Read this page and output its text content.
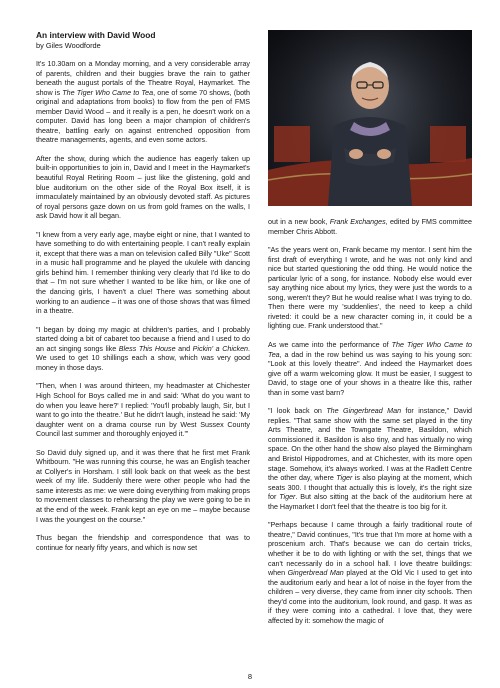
An interview with David Wood
by Giles Woodforde

It's 10.30am on a Monday morning, and a very considerable array of parents, children and their buggies brave the rain to gather beneath the august portals of the Theatre Royal, Haymarket. The show is The Tiger Who Came to Tea, one of some 70 shows, (both original and adaptations from books) to flow from the pen of FMS member David Wood – and it really is a pen, he doesn't work on a computer. David has long been a major champion of children's theatre, battling early on against entrenched opposition from theatre managements, agents, and even some actors.

After the show, during which the audience has eagerly taken up built-in opportunities to join in, David and I meet in the Haymarket's beautiful Royal Retiring Room – just like the glistening, gold and blue auditorium on the other side of the Royal Box itself, it is immaculately maintained by an obviously devoted staff. As pictures of royal persons gaze down on us from gold frames on the walls, I ask David how it all began.

"I knew from a very early age, maybe eight or nine, that I wanted to have something to do with entertaining people. I can't really explain it, except that there was a man on television called Billy "Uke" Scott in a music hall programme and he played the ukulele with dancing girls behind him. I remember thinking very clearly that I'd like to do that – I'm not sure whether I wanted to be like him, or like one of the dancing girls, I haven't a clue! There was something about working to an audience – it was one of those shows that was filmed in a theatre.

"I began by doing my magic at children's parties, and I probably started doing a bit of cabaret too because a friend and I used to do an act singing songs like Bless This House and Pickin' a Chicken. We used to get 10 shillings each a show, which was very good money in those days.

"Then, when I was around thirteen, my headmaster at Chichester High School for Boys called me in and said: 'What do you want to do when you leave here?' I replied: 'You'll probably laugh, Sir, but I want to go into the theatre.' But he didn't laugh, instead he said: 'My daughter went on a drama course run by West Sussex County Council last summer and thoroughly enjoyed it.'"

So David duly signed up, and it was there that he first met Frank Whitbourn. "He was running this course, he was an English teacher at Collyer's in Horsham. I still look back on that week as the best week of my life. Suddenly there were other people who had the same interests as me: we were doing everything from making props to movement classes to rehearsing the play we were going to be in at the end of the week. Frank kept an eye on me – maybe because I was the youngest on the course."

Thus began the friendship and correspondence that was to continue for nearly fifty years, and which is now set

out in a new book, Frank Exchanges, edited by FMS committee member Chris Abbott.

"As the years went on, Frank became my mentor. I sent him the first draft of everything I wrote, and he was not only kind and nice but started questioning the odd thing. He would notice the particular lyric of a song, for instance. Nobody else would ever say anything nice about my lyrics, they were just the words to a song, weren't they? But he would realise what I was trying to do. Then there were my 'suddenlies', the need to keep a child riveted: it could be a new character coming in, it could be a lighting cue. Frank understood that."

As we came into the performance of The Tiger Who Came to Tea, a dad in the row behind us was saying to his young son: "Look at this lovely theatre". And indeed the Haymarket does give off a warm welcoming glow. It must be easier, I suggest to David, to stage one of your shows in a theatre like this, rather than in some vast barn?

"I look back on The Gingerbread Man for instance," David replies. "That same show with the same set played in the tiny Arts Theatre, and the Towngate Theatre, Basildon, which commissioned it. Basildon is also tiny, and has virtually no wing space. On the other hand the show also played the Birmingham and Bristol Hippodromes, and at Chichester, with its more open stage. Somehow, it's always worked. I was at the Radlett Centre the other day, where Tiger is also playing at the moment, which seats 300. I thought that actually this is lovely, it's the right size for Tiger. But also sitting at the back of the auditorium here at the Haymarket I don't feel that the theatre is too big for it.

"Perhaps because I came through a fairly traditional route of theatre," David continues, "It's true that I'm more at home with a proscenium arch. That's because we can do certain tricks, whether it be to do with lighting or with the set, things that we can't necessarily do in a school hall. I love theatre buildings: when Gingerbread Man played at the Old Vic I used to get into the auditorium early and hear a lot of noise in the foyer from the children – very diverse, they came from inner city schools. Then they'd come into the auditorium, look round, and gasp. It was as if they were coming into a cathedral. I love that, they were affected by it: somehow the magic of

8
